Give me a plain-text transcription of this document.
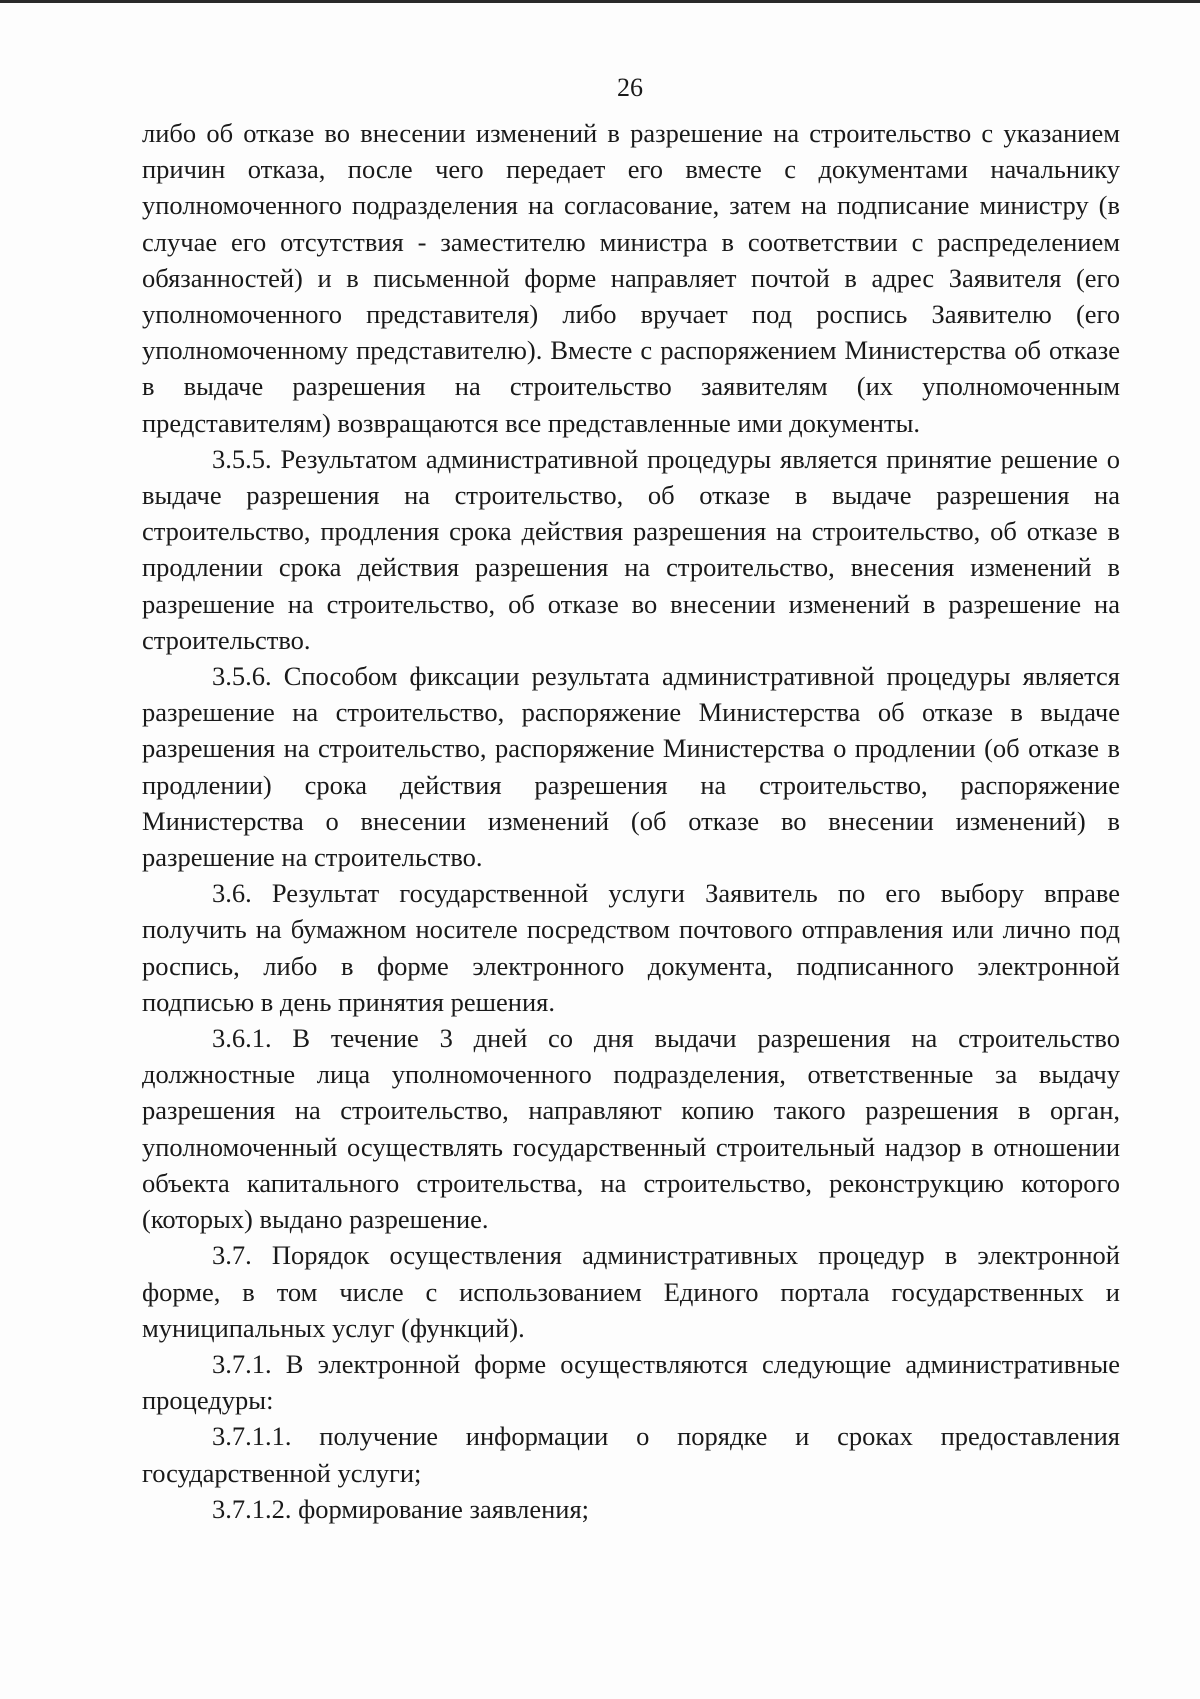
26

либо об отказе во внесении изменений в разрешение на строительство с указанием причин отказа, после чего передает его вместе с документами начальнику уполномоченного подразделения на согласование, затем на подписание министру (в случае его отсутствия - заместителю министра в соответствии с распределением обязанностей) и в письменной форме направляет почтой в адрес Заявителя (его уполномоченного представителя) либо вручает под роспись Заявителю (его уполномоченному представителю). Вместе с распоряжением Министерства об отказе в выдаче разрешения на строительство заявителям (их уполномоченным представителям) возвращаются все представленные ими документы.

3.5.5. Результатом административной процедуры является принятие решение о выдаче разрешения на строительство, об отказе в выдаче разрешения на строительство, продления срока действия разрешения на строительство, об отказе в продлении срока действия разрешения на строительство, внесения изменений в разрешение на строительство, об отказе во внесении изменений в разрешение на строительство.

3.5.6. Способом фиксации результата административной процедуры является разрешение на строительство, распоряжение Министерства об отказе в выдаче разрешения на строительство, распоряжение Министерства о продлении (об отказе в продлении) срока действия разрешения на строительство, распоряжение Министерства о внесении изменений (об отказе во внесении изменений) в разрешение на строительство.

3.6. Результат государственной услуги Заявитель по его выбору вправе получить на бумажном носителе посредством почтового отправления или лично под роспись, либо в форме электронного документа, подписанного электронной подписью в день принятия решения.

3.6.1. В течение 3 дней со дня выдачи разрешения на строительство должностные лица уполномоченного подразделения, ответственные за выдачу разрешения на строительство, направляют копию такого разрешения в орган, уполномоченный осуществлять государственный строительный надзор в отношении объекта капитального строительства, на строительство, реконструкцию которого (которых) выдано разрешение.

3.7. Порядок осуществления административных процедур в электронной форме, в том числе с использованием Единого портала государственных и муниципальных услуг (функций).

3.7.1. В электронной форме осуществляются следующие административные процедуры:

3.7.1.1. получение информации о порядке и сроках предоставления государственной услуги;

3.7.1.2. формирование заявления;
